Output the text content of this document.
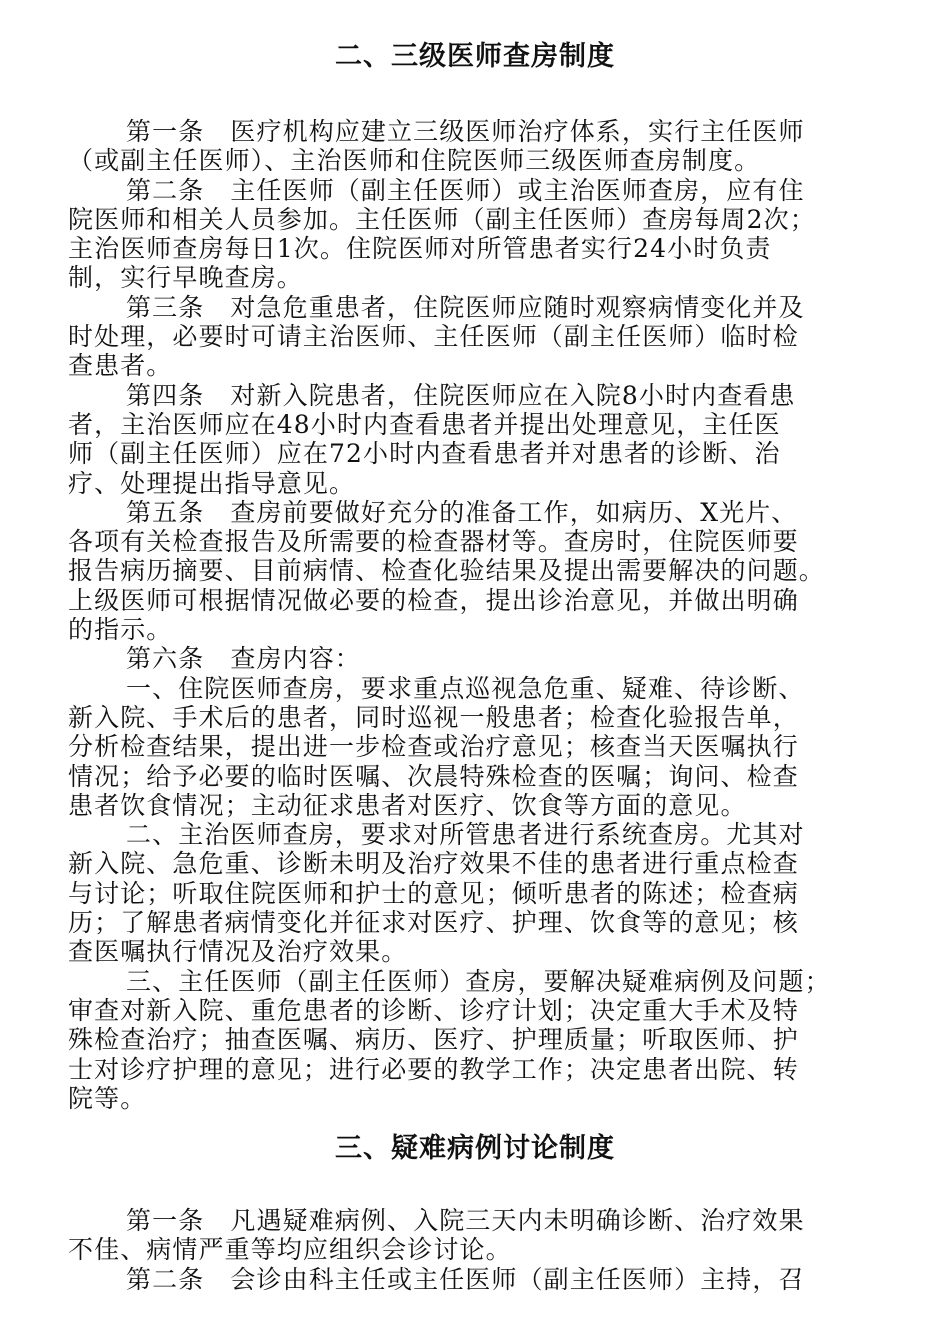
二、三级医师查房制度
第一条　医疗机构应建立三级医师治疗体系，实行主任医师
（或副主任医师）、主治医师和住院医师三级医师查房制度。
第二条　主任医师（副主任医师）或主治医师查房，应有住
院医师和相关人员参加。主任医师（副主任医师）查房每周2次；
主治医师查房每日1次。住院医师对所管患者实行24小时负责
制，实行早晚查房。
第三条　对急危重患者，住院医师应随时观察病情变化并及
时处理，必要时可请主治医师、主任医师（副主任医师）临时检
查患者。
第四条　对新入院患者，住院医师应在入院8小时内查看患
者，主治医师应在48小时内查看患者并提出处理意见，主任医
师（副主任医师）应在72小时内查看患者并对患者的诊断、治
疗、处理提出指导意见。
第五条　查房前要做好充分的准备工作，如病历、X光片、
各项有关检查报告及所需要的检查器材等。查房时，住院医师要
报告病历摘要、目前病情、检查化验结果及提出需要解决的问题。
上级医师可根据情况做必要的检查，提出诊治意见，并做出明确
的指示。
第六条　查房内容：
一、住院医师查房，要求重点巡视急危重、疑难、待诊断、
新入院、手术后的患者，同时巡视一般患者；检查化验报告单，
分析检查结果，提出进一步检查或治疗意见；核查当天医嘱执行
情况；给予必要的临时医嘱、次晨特殊检查的医嘱；询问、检查
患者饮食情况；主动征求患者对医疗、饮食等方面的意见。
二、主治医师查房，要求对所管患者进行系统查房。尤其对
新入院、急危重、诊断未明及治疗效果不佳的患者进行重点检查
与讨论；听取住院医师和护士的意见；倾听患者的陈述；检查病
历；了解患者病情变化并征求对医疗、护理、饮食等的意见；核
查医嘱执行情况及治疗效果。
三、主任医师（副主任医师）查房，要解决疑难病例及问题；
审查对新入院、重危患者的诊断、诊疗计划；决定重大手术及特
殊检查治疗；抽查医嘱、病历、医疗、护理质量；听取医师、护
士对诊疗护理的意见；进行必要的教学工作；决定患者出院、转
院等。
三、疑难病例讨论制度
第一条　凡遇疑难病例、入院三天内未明确诊断、治疗效果
不佳、病情严重等均应组织会诊讨论。
第二条　会诊由科主任或主任医师（副主任医师）主持，召
